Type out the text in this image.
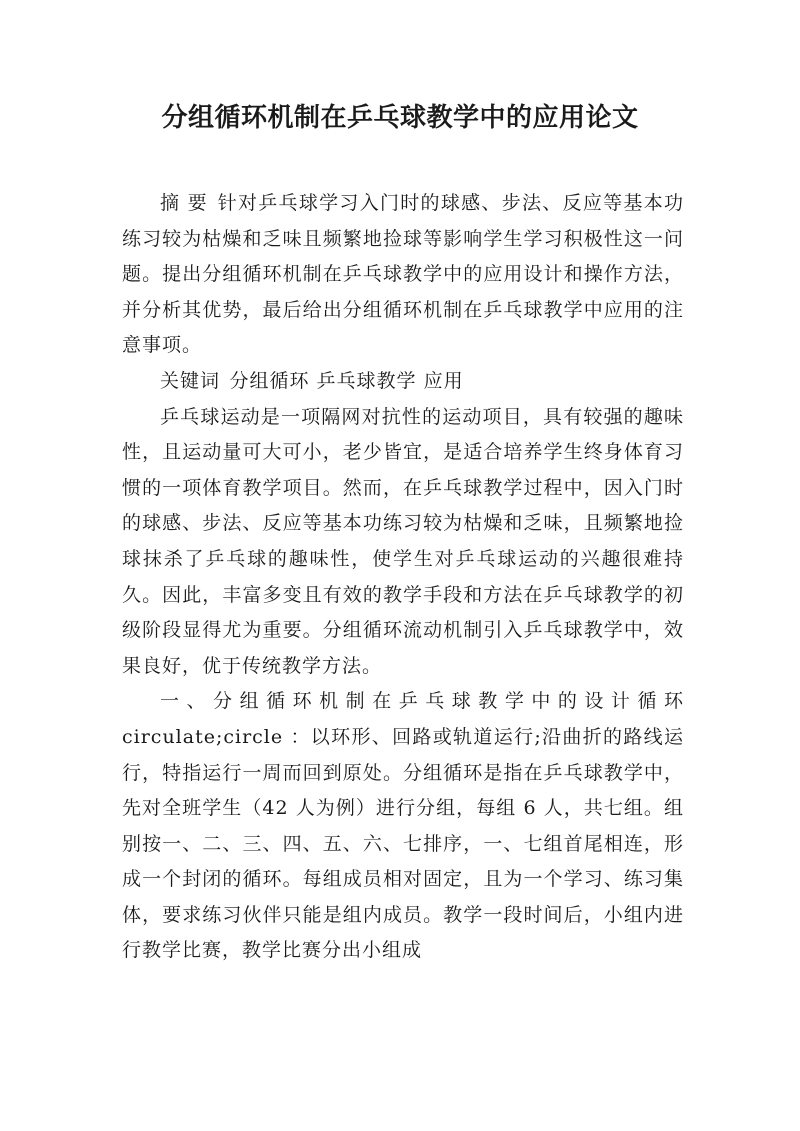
分组循环机制在乒乓球教学中的应用论文

摘 要 针对乒乓球学习入门时的球感、步法、反应等基本功练习较为枯燥和乏味且频繁地捡球等影响学生学习积极性这一问题。提出分组循环机制在乒乓球教学中的应用设计和操作方法，并分析其优势，最后给出分组循环机制在乒乓球教学中应用的注意事项。

关键词 分组循环 乒乓球教学 应用

乒乓球运动是一项隔网对抗性的运动项目，具有较强的趣味性，且运动量可大可小，老少皆宜，是适合培养学生终身体育习惯的一项体育教学项目。然而，在乒乓球教学过程中，因入门时的球感、步法、反应等基本功练习较为枯燥和乏味，且频繁地捡球抹杀了乒乓球的趣味性，使学生对乒乓球运动的兴趣很难持久。因此，丰富多变且有效的教学手段和方法在乒乓球教学的初级阶段显得尤为重要。分组循环流动机制引入乒乓球教学中，效果良好，优于传统教学方法。

一、分组循环机制在乒乓球教学中的设计循环 circulate;circle ：以环形、回路或轨道运行;沿曲折的路线运行，特指运行一周而回到原处。分组循环是指在乒乓球教学中，先对全班学生（42 人为例）进行分组，每组 6 人，共七组。组别按一、二、三、四、五、六、七排序，一、七组首尾相连，形成一个封闭的循环。每组成员相对固定，且为一个学习、练习集体，要求练习伙伴只能是组内成员。教学一段时间后，小组内进行教学比赛，教学比赛分出小组成
